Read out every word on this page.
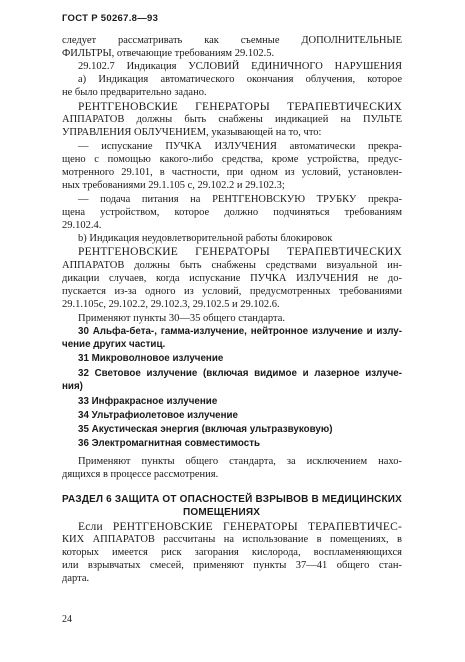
ГОСТ Р 50267.8—93
следует рассматривать как съемные ДОПОЛНИТЕЛЬНЫЕ
ФИЛЬТРЫ, отвечающие требованиям 29.102.5.
29.102.7 Индикация УСЛОВИЙ ЕДИНИЧНОГО НАРУШЕНИЯ
а) Индикация автоматического окончания облучения, которое
не было предварительно задано.
РЕНТГЕНОВСКИЕ ГЕНЕРАТОРЫ ТЕРАПЕВТИЧЕСКИХ
АППАРАТОВ должны быть снабжены индикацией на ПУЛЬТЕ
УПРАВЛЕНИЯ ОБЛУЧЕНИЕМ, указывающей на то, что:
— испускание ПУЧКА ИЗЛУЧЕНИЯ автоматически прекра-
щено с помощью какого-либо средства, кроме устройства, предус-
мотренного 29.101, в частности, при одном из условий, установлен-
ных требованиями 29.1.105 с, 29.102.2 и 29.102.3;
— подача питания на РЕНТГЕНОВСКУЮ ТРУБКУ прекра-
щена устройством, которое должно подчиняться требованиям
29.102.4.
b) Индикация неудовлетворительной работы блокировок
РЕНТГЕНОВСКИЕ ГЕНЕРАТОРЫ ТЕРАПЕВТИЧЕСКИХ
АППАРАТОВ должны быть снабжены средствами визуальной ин-
дикации случаев, когда испускание ПУЧКА ИЗЛУЧЕНИЯ не до-
пускается из-за одного из условий, предусмотренных требованиями
29.1.105с, 29.102.2, 29.102.3, 29.102.5 и 29.102.6.
Применяют пункты 30—35 общего стандарта.
30 Альфа-бета-, гамма-излучение, нейтронное излучение и излу-
чение других частиц.
31 Микроволновое излучение
32 Световое излучение (включая видимое и лазерное излуче-
ния)
33 Инфракрасное излучение
34 Ультрафиолетовое излучение
35 Акустическая энергия (включая ультразвуковую)
36 Электромагнитная совместимость
Применяют пункты общего стандарта, за исключением нахо-
дящихся в процессе рассмотрения.
РАЗДЕЛ 6 ЗАЩИТА ОТ ОПАСНОСТЕЙ ВЗРЫВОВ В МЕДИЦИНСКИХ
ПОМЕЩЕНИЯХ
Если РЕНТГЕНОВСКИЕ ГЕНЕРАТОРЫ ТЕРАПЕВТИЧЕС-
КИХ АППАРАТОВ рассчитаны на использование в помещениях, в
которых имеется риск загорания кислорода, воспламеняющихся
или взрывчатых смесей, применяют пункты 37—41 общего стан-
дарта.
24
